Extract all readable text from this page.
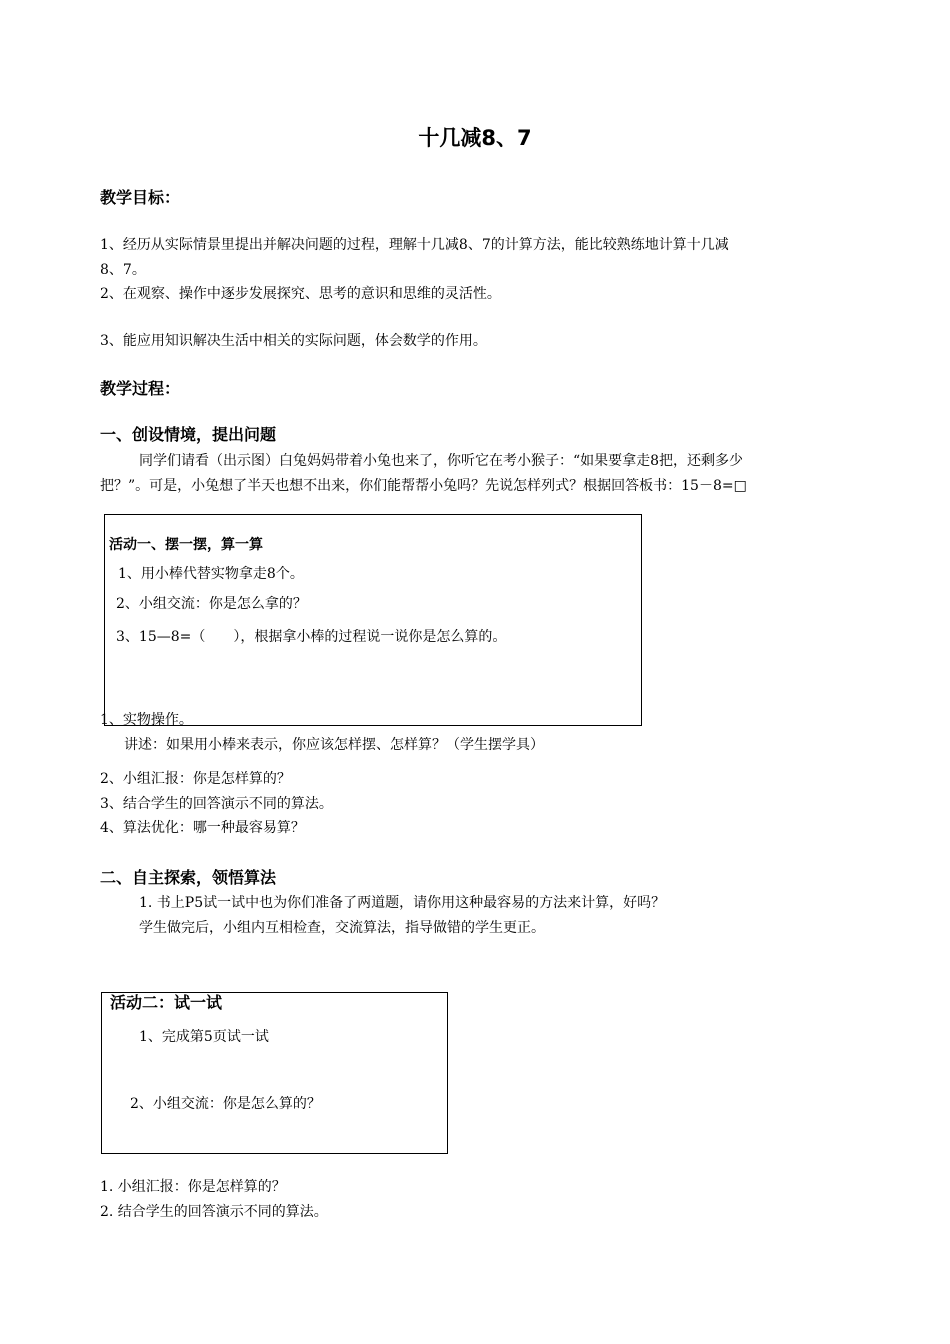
十几减8、7
教学目标：
1、经历从实际情景里提出并解决问题的过程，理解十几减8、7的计算方法，能比较熟练地计算十几减
8、7。
2、在观察、操作中逐步发展探究、思考的意识和思维的灵活性。
3、能应用知识解决生活中相关的实际问题，体会数学的作用。
教学过程：
一、创设情境，提出问题
同学们请看（出示图）白兔妈妈带着小兔也来了，你听它在考小猴子：“如果要拿走8把，还剩多少
把？”。可是，小兔想了半天也想不出来，你们能帮帮小兔吗？先说怎样列式？根据回答板书：15－8=□
活动一、摆一摆，算一算
1、用小棒代替实物拿走8个。
2、小组交流：你是怎么拿的？
3、15—8=（　　），根据拿小棒的过程说一说你是怎么算的。
1、实物操作。
讲述：如果用小棒来表示，你应该怎样摆、怎样算？（学生摆学具）
2、小组汇报：你是怎样算的？
3、结合学生的回答演示不同的算法。
4、算法优化：哪一种最容易算？
二、自主探索，领悟算法
1. 书上P5试一试中也为你们准备了两道题，请你用这种最容易的方法来计算，好吗？
学生做完后，小组内互相检查，交流算法，指导做错的学生更正。
活动二：试一试
1、完成第5页试一试
2、小组交流：你是怎么算的？
1. 小组汇报：你是怎样算的？
2. 结合学生的回答演示不同的算法。
